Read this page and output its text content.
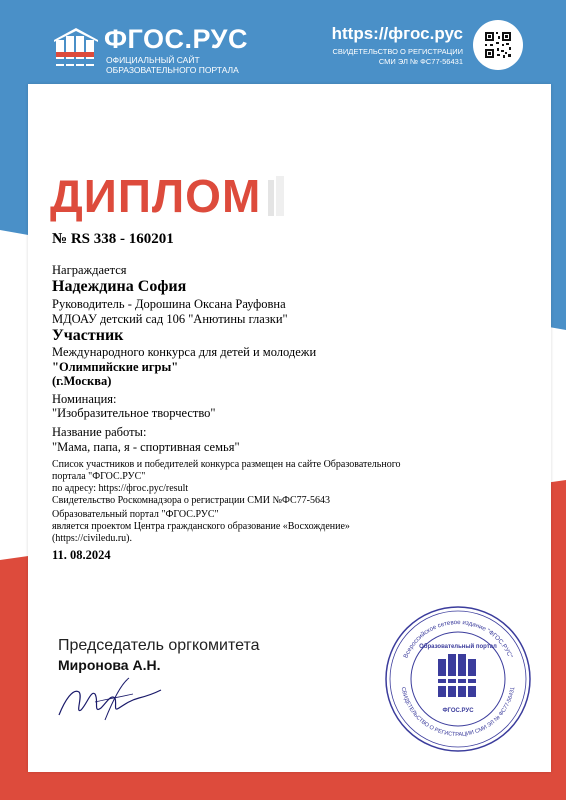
ФГОС.РУС
ОФИЦИАЛЬНЫЙ САЙТ
ОБРАЗОВАТЕЛЬНОГО ПОРТАЛА
https://фгос.рус
СВИДЕТЕЛЬСТВО О РЕГИСТРАЦИИ
СМИ ЭЛ № ФС77-56431
ДИПЛОМ
№ RS 338 - 160201
Награждается
Надеждина София
Руководитель - Дорошина Оксана Рауфовна
МДОАУ детский сад 106 "Анютины глазки"
Участник
Международного конкурса для детей и молодежи
"Олимпийские игры"
(г.Москва)
Номинация:
"Изобразительное творчество"
Название работы:
"Мама, папа, я - спортивная семья"
Список участников и победителей конкурса размещен на сайте Образовательного
портала "ФГОС.РУС"
по адресу: https://фгос.рус/result
Свидетельство Роскомнадзора о регистрации СМИ №ФС77-5643
Образовательный портал "ФГОС.РУС"
является проектом Центра гражданского образование «Восхождение»
(https://civiledu.ru).
11. 08.2024
Председатель оргкомитета
Миронова А.Н.
Всероссийское сетевое издание "ФГОС.РУС"
СВИДЕТЕЛЬСТВО О РЕГИСТРАЦИИ СМИ ЭЛ № ФС77-56431
Образовательный портал
ФГОС.РУС
